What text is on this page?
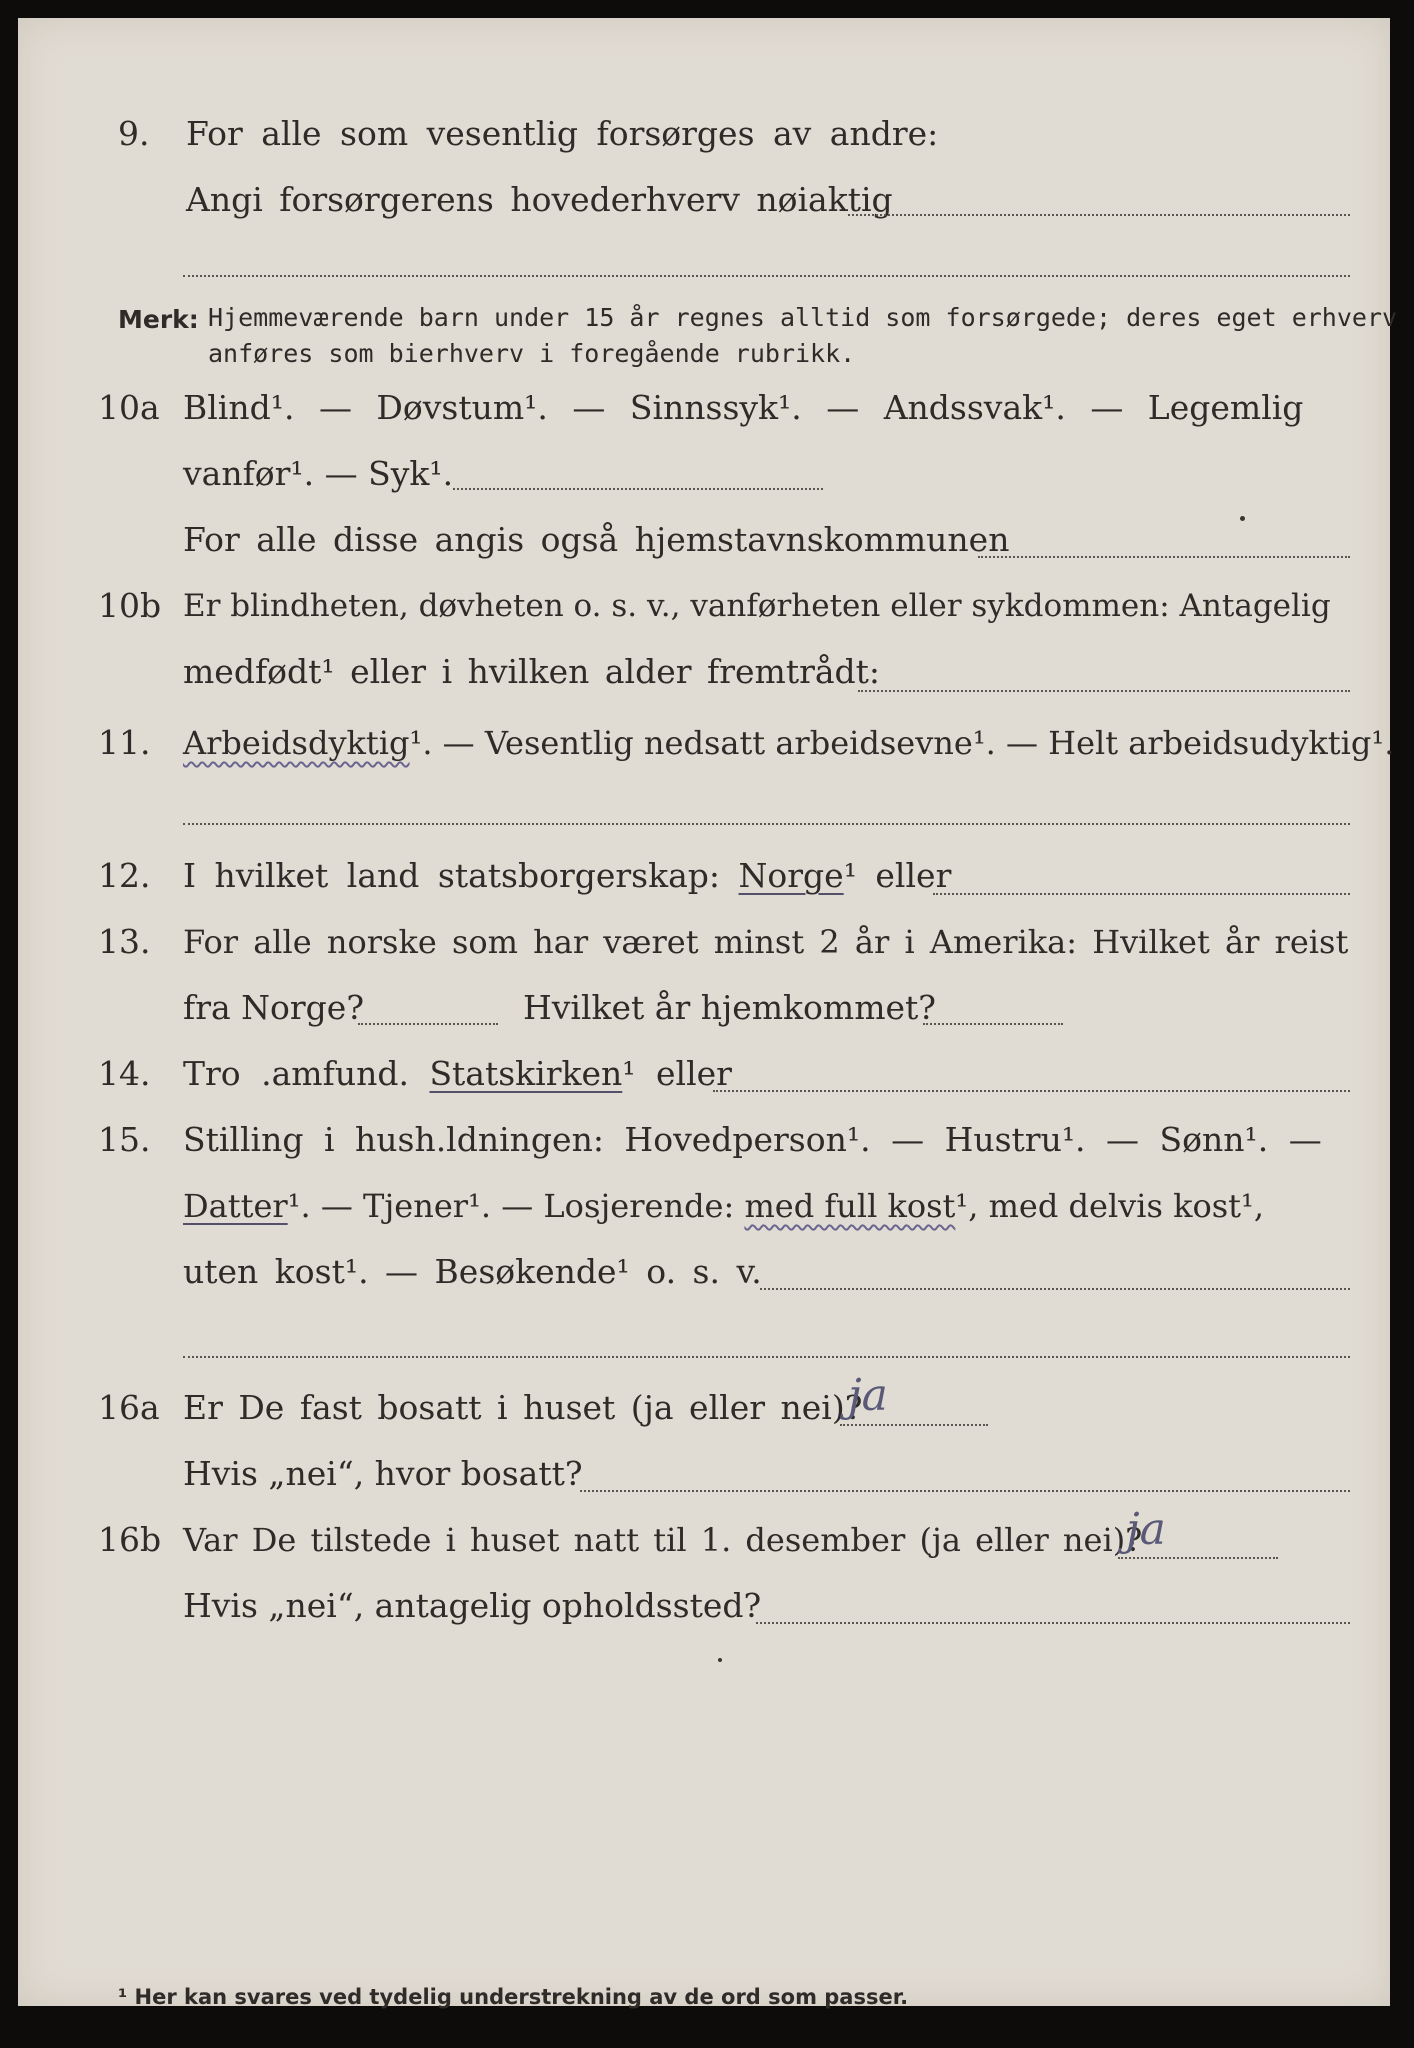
9. For alle som vesentlig forsørges av andre:
Angi forsørgerens hovederhverv nøiaktig
Merk: Hjemmeværende barn under 15 år regnes alltid som forsørgede; deres eget erhverv
anføres som bierhverv i foregående rubrikk.
10a Blind¹. — Døvstum¹. — Sinnssyk¹. — Andssvak¹. — Legemlig
vanfør¹. — Syk¹.
For alle disse angis også hjemstavnskommunen
10b Er blindheten, døvheten o. s. v., vanførheten eller sykdommen: Antagelig
medfødt¹ eller i hvilken alder fremtrådt:
11. Arbeidsdyktig¹. — Vesentlig nedsatt arbeidsevne¹. — Helt arbeidsudyktig¹.
12. I hvilket land statsborgerskap: Norge¹ eller
13. For alle norske som har været minst 2 år i Amerika: Hvilket år reist
fra Norge?	Hvilket år hjemkommet?
14. Tro .amfund. Statskirken¹ eller
15. Stilling i hush.ldningen: Hovedperson¹. — Hustru¹. — Sønn¹. —
Datter¹. — Tjener¹. — Losjerende: med full kost¹, med delvis kost¹,
uten kost¹. — Besøkende¹ o. s. v.
16a Er De fast bosatt i huset (ja eller nei)?
ja
Hvis „nei“, hvor bosatt?
16b Var De tilstede i huset natt til 1. desember (ja eller nei)?
ja
Hvis „nei“, antagelig opholdssted?
¹ Her kan svares ved tydelig understrekning av de ord som passer.
